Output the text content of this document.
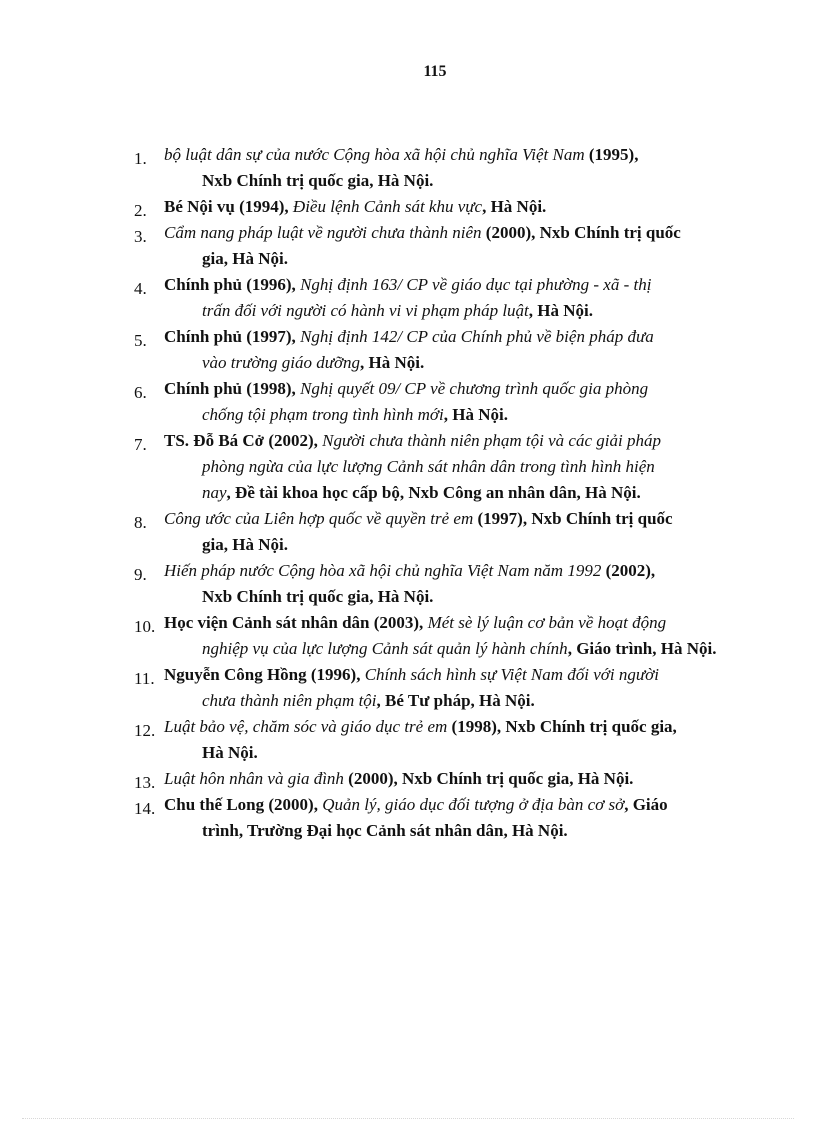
115
1. bộ luật dân sự của nước Cộng hòa xã hội chủ nghĩa Việt Nam (1995),
Nxb Chính trị quốc gia, Hà Nội.
2. Bé Nội vụ (1994), Điều lệnh Cảnh sát khu vực, Hà Nội.
3. Cẩm nang pháp luật về người chưa thành niên (2000), Nxb Chính trị quốc
gia, Hà Nội.
4. Chính phủ (1996), Nghị định 163/ CP về giáo dục tại phường - xã - thị
trấn đối với người có hành vi vi phạm pháp luật, Hà Nội.
5. Chính phủ (1997), Nghị định 142/ CP của Chính phủ về biện pháp đưa
vào trường giáo dưỡng, Hà Nội.
6. Chính phủ (1998), Nghị quyết 09/ CP về chương trình quốc gia phòng
chống tội phạm trong tình hình mới, Hà Nội.
7. TS. Đỗ Bá Cở (2002), Người chưa thành niên phạm tội và các giải pháp
phòng ngừa của lực lượng Cảnh sát nhân dân trong tình hình hiện
nay, Đề tài khoa học cấp bộ, Nxb Công an nhân dân, Hà Nội.
8. Công ước của Liên hợp quốc về quyền trẻ em (1997), Nxb Chính trị quốc
gia, Hà Nội.
9. Hiến pháp nước Cộng hòa xã hội chủ nghĩa Việt Nam năm 1992 (2002),
Nxb Chính trị quốc gia, Hà Nội.
10. Học viện Cảnh sát nhân dân (2003), Mét sè lý luận cơ bản về hoạt động
nghiệp vụ của lực lượng Cảnh sát quản lý hành chính, Giáo trình, Hà Nội.
11. Nguyễn Công Hồng (1996), Chính sách hình sự Việt Nam đối với người
chưa thành niên phạm tội, Bé Tư pháp, Hà Nội.
12. Luật bảo vệ, chăm sóc và giáo dục trẻ em (1998), Nxb Chính trị quốc gia,
Hà Nội.
13. Luật hôn nhân và gia đình (2000), Nxb Chính trị quốc gia, Hà Nội.
14. Chu thế Long (2000), Quản lý, giáo dục đối tượng ở địa bàn cơ sở, Giáo
trình, Trường Đại học Cảnh sát nhân dân, Hà Nội.
